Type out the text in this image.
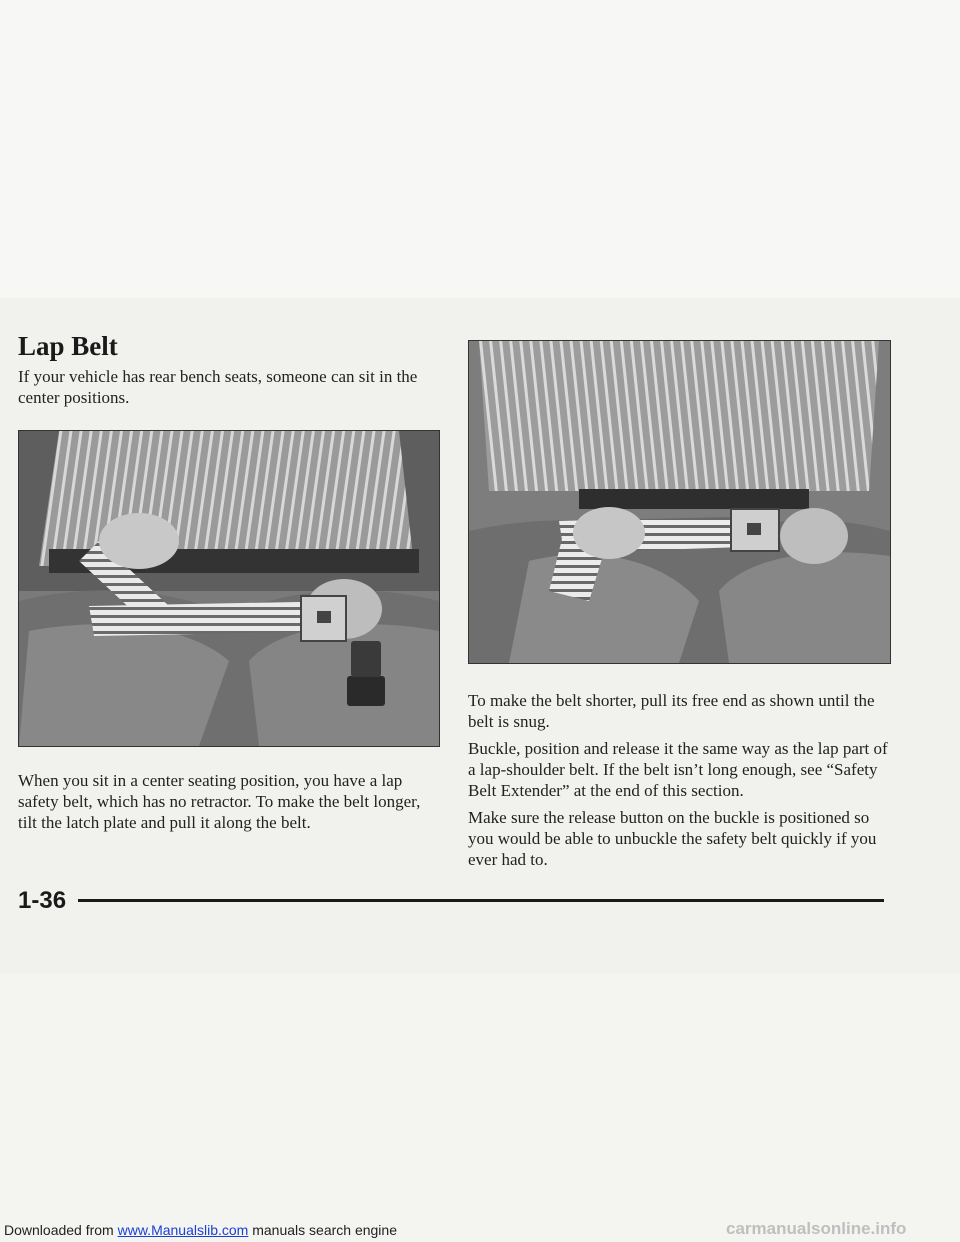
Lap Belt

If your vehicle has rear bench seats, someone can sit in the center positions.

When you sit in a center seating position, you have a lap safety belt, which has no retractor. To make the belt longer, tilt the latch plate and pull it along the belt.

To make the belt shorter, pull its free end as shown until the belt is snug.

Buckle, position and release it the same way as the lap part of a lap-shoulder belt. If the belt isn’t long enough, see “Safety Belt Extender” at the end of this section.

Make sure the release button on the buckle is positioned so you would be able to unbuckle the safety belt quickly if you ever had to.

1-36

Downloaded from www.Manualslib.com manuals search engine	carmanualsonline.info
